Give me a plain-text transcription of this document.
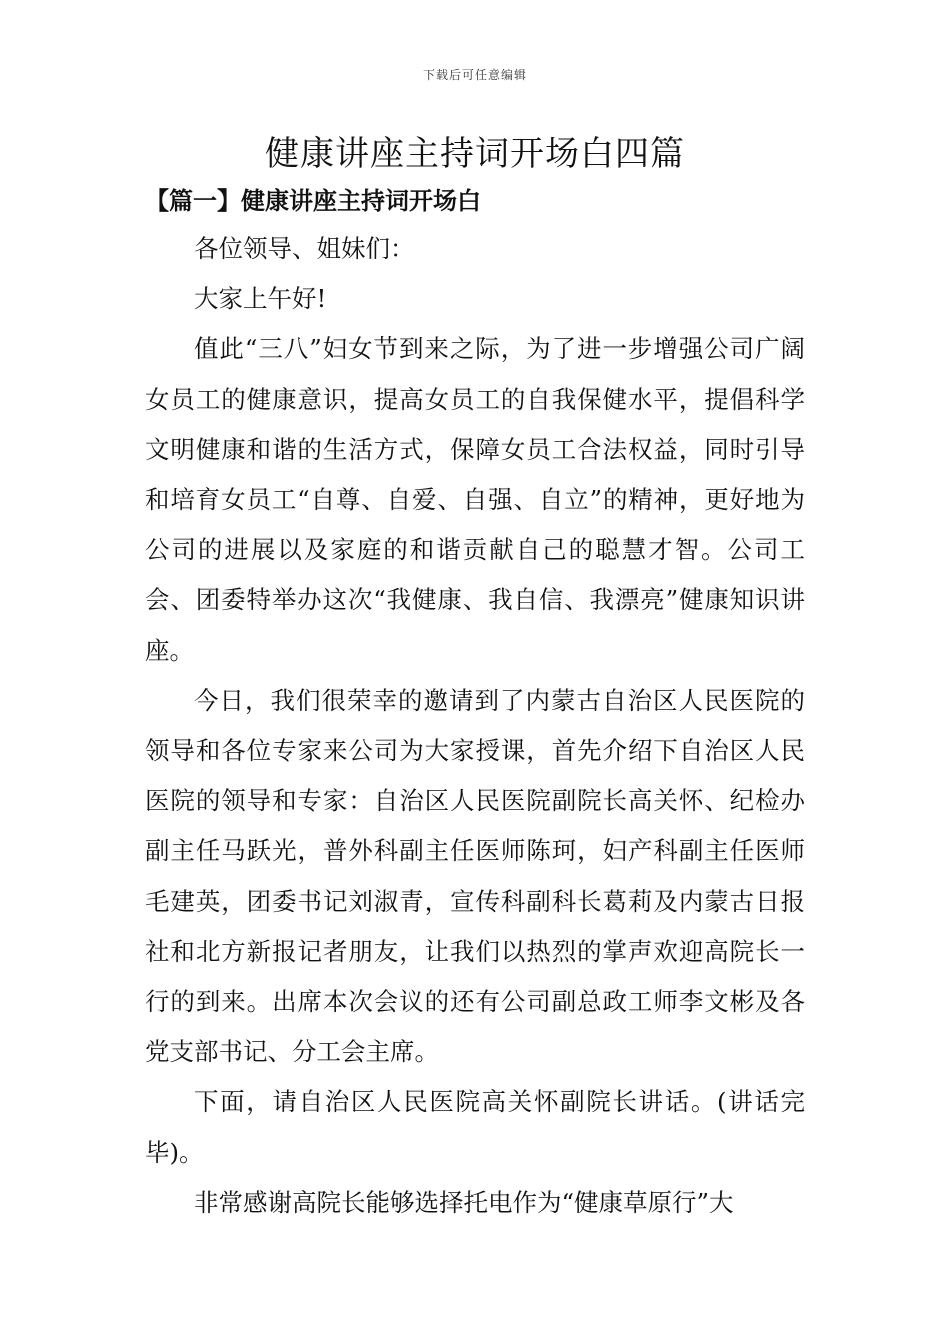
下载后可任意编辑
健康讲座主持词开场白四篇
【篇一】健康讲座主持词开场白

各位领导、姐妹们：

大家上午好!

值此“三八”妇女节到来之际，为了进一步增强公司广阔女员工的健康意识，提高女员工的自我保健水平，提倡科学文明健康和谐的生活方式，保障女员工合法权益，同时引导和培育女员工“自尊、自爱、自强、自立”的精神，更好地为公司的进展以及家庭的和谐贡献自己的聪慧才智。公司工会、团委特举办这次“我健康、我自信、我漂亮”健康知识讲座。

今日，我们很荣幸的邀请到了内蒙古自治区人民医院的领导和各位专家来公司为大家授课，首先介绍下自治区人民医院的领导和专家：自治区人民医院副院长高关怀、纪检办副主任马跃光，普外科副主任医师陈珂，妇产科副主任医师毛建英，团委书记刘淑青，宣传科副科长葛莉及内蒙古日报社和北方新报记者朋友，让我们以热烈的掌声欢迎高院长一行的到来。出席本次会议的还有公司副总政工师李文彬及各党支部书记、分工会主席。

下面，请自治区人民医院高关怀副院长讲话。(讲话完毕)。

非常感谢高院长能够选择托电作为“健康草原行”大
